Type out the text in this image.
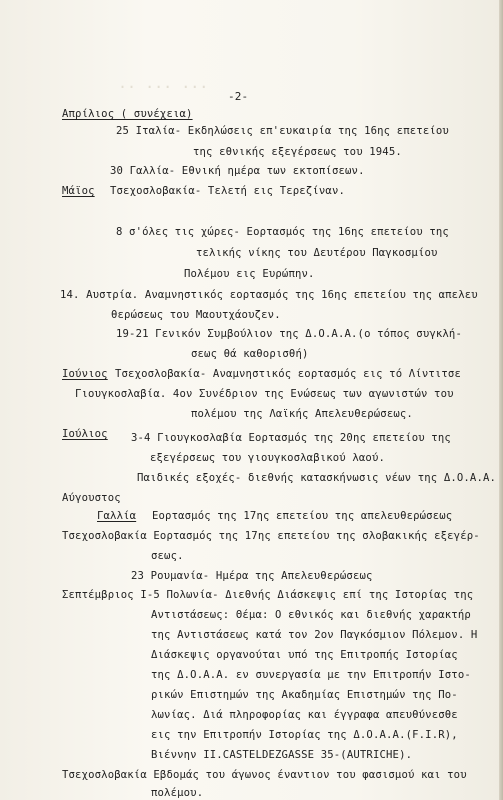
·· ··· ···
-2-
Απρίλιος ( συνέχεια)
25 Ιταλία- Εκδηλώσεις επ'ευκαιρία της 16ης επετείου
της εθνικής εξεγέρσεως του 1945.
30 Γαλλία- Εθνική ημέρα των εκτοπίσεων.
Μάϊος Τσεχοσλοβακία- Τελετή εις Τερεζίναν.
8 σ'όλες τις χώρες- Εορτασμός της 16ης επετείου της
τελικής νίκης του Δευτέρου Παγκοσμίου
Πολέμου εις Ευρώπην.
14. Αυστρία. Αναμνηστικός εορτασμός της 16ης επετείου της απελευ
θερώσεως του Μαουτχάουζεν.
19-21 Γενικόν Συμβούλιον της Δ.Ο.Α.Α.(ο τόπος συγκλή-
σεως θά καθορισθή)
Ιούνιος Τσεχοσλοβακία- Αναμνηστικός εορτασμός εις τό Λίντιτσε
Γιουγκοσλαβία. 4ον Συνέδριον της Ενώσεως των αγωνιστών του
πολέμου της Λαϊκής Απελευθερώσεως.
Ιούλιος 3-4 Γιουγκοσλαβία Εορτασμός της 20ης επετείου της
εξεγέρσεως του γιουγκοσλαβικού λαού.
Παιδικές εξοχές- διεθνής κατασκήνωσις νέων της Δ.Ο.Α.Α.
Αύγουστος
Γαλλία Εορτασμός της 17ης επετείου της απελευθερώσεως
Τσεχοσλοβακία Εορτασμός της 17ης επετείου της σλοβακικής εξεγέρ-
σεως.
23 Ρουμανία- Ημέρα της Απελευθερώσεως
Σεπτέμβριος I-5 Πολωνία- Διεθνής Διάσκεψις επί της Ιστορίας της
Αντιστάσεως: Θέμα: Ο εθνικός και διεθνής χαρακτήρ
της Αντιστάσεως κατά τον 2ον Παγκόσμιον Πόλεμον. Η
Διάσκεψις οργανούται υπό της Επιτροπής Ιστορίας
της Δ.Ο.Α.Α. εν συνεργασία με την Επιτροπήν Ιστο-
ρικών Επιστημών της Ακαδημίας Επιστημών της Πο-
λωνίας. Διά πληροφορίας και έγγραφα απευθύνεσθε
εις την Επιτροπήν Ιστορίας της Δ.Ο.Α.Α.(F.I.R),
Βιέννην II.CASTELDEZGASSE 35-(AUTRICHE).
Τσεχοσλοβακία Εβδομάς του άγωνος έναντιον του φασισμού και του
πολέμου.
